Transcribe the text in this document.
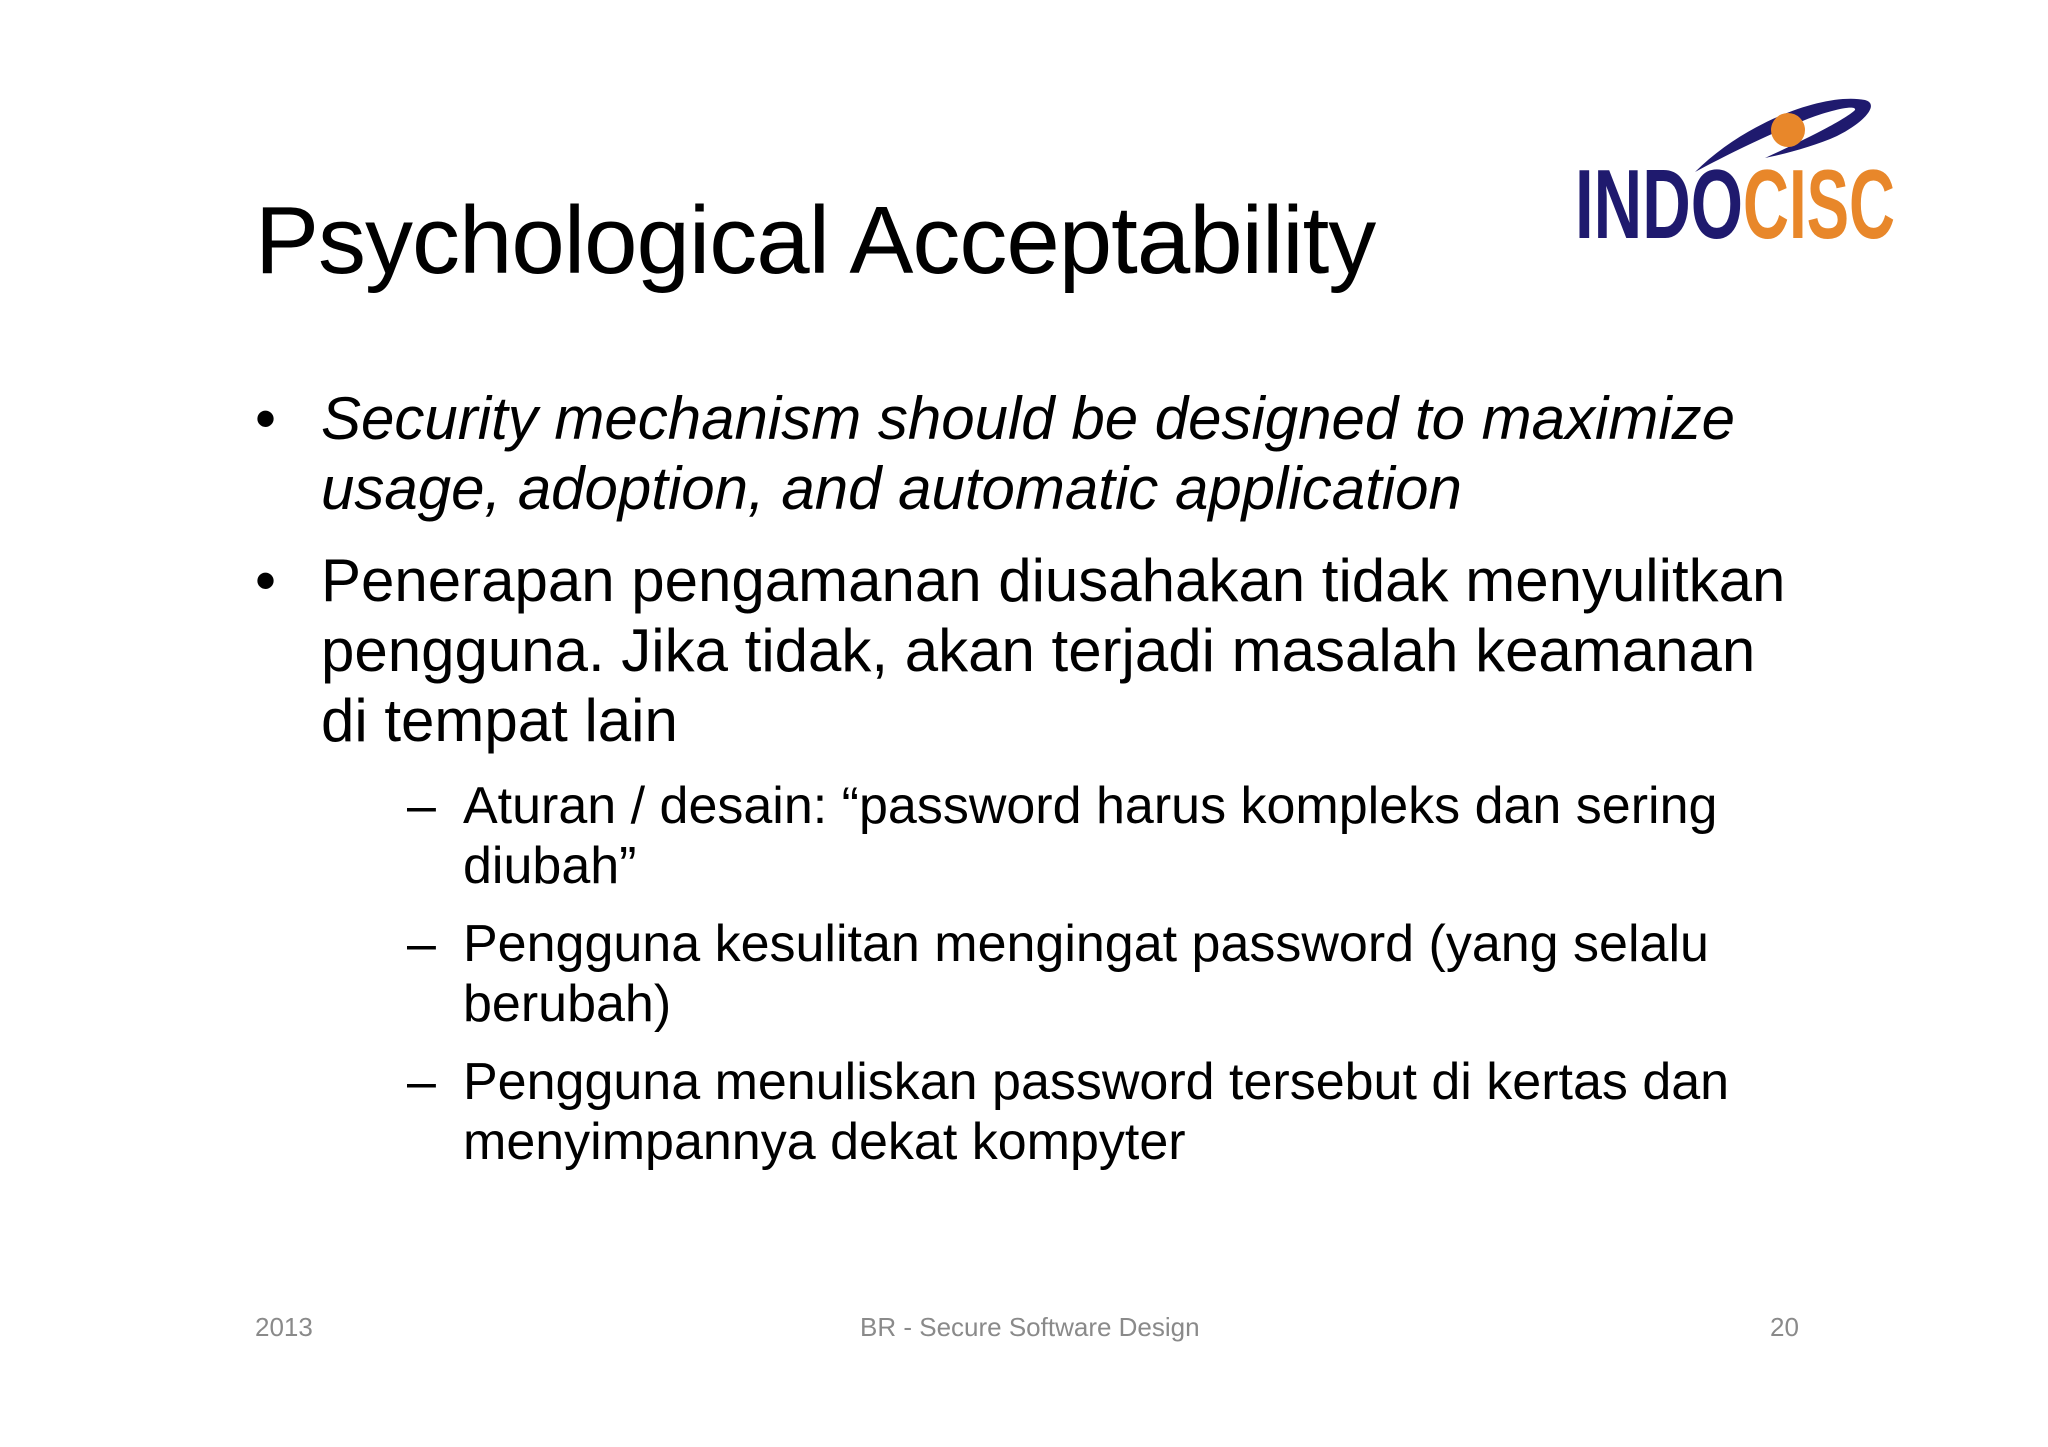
Psychological Acceptability INDO CISC
• Security mechanism should be designed to maximize usage, adoption, and automatic application
• Penerapan pengamanan diusahakan tidak menyulitkan pengguna. Jika tidak, akan terjadi masalah keamanan di tempat lain
– Aturan / desain: “password harus kompleks dan sering diubah”
– Pengguna kesulitan mengingat password (yang selalu berubah)
– Pengguna menuliskan password tersebut di kertas dan menyimpannya dekat kompyter
2013	BR - Secure Software Design	20
